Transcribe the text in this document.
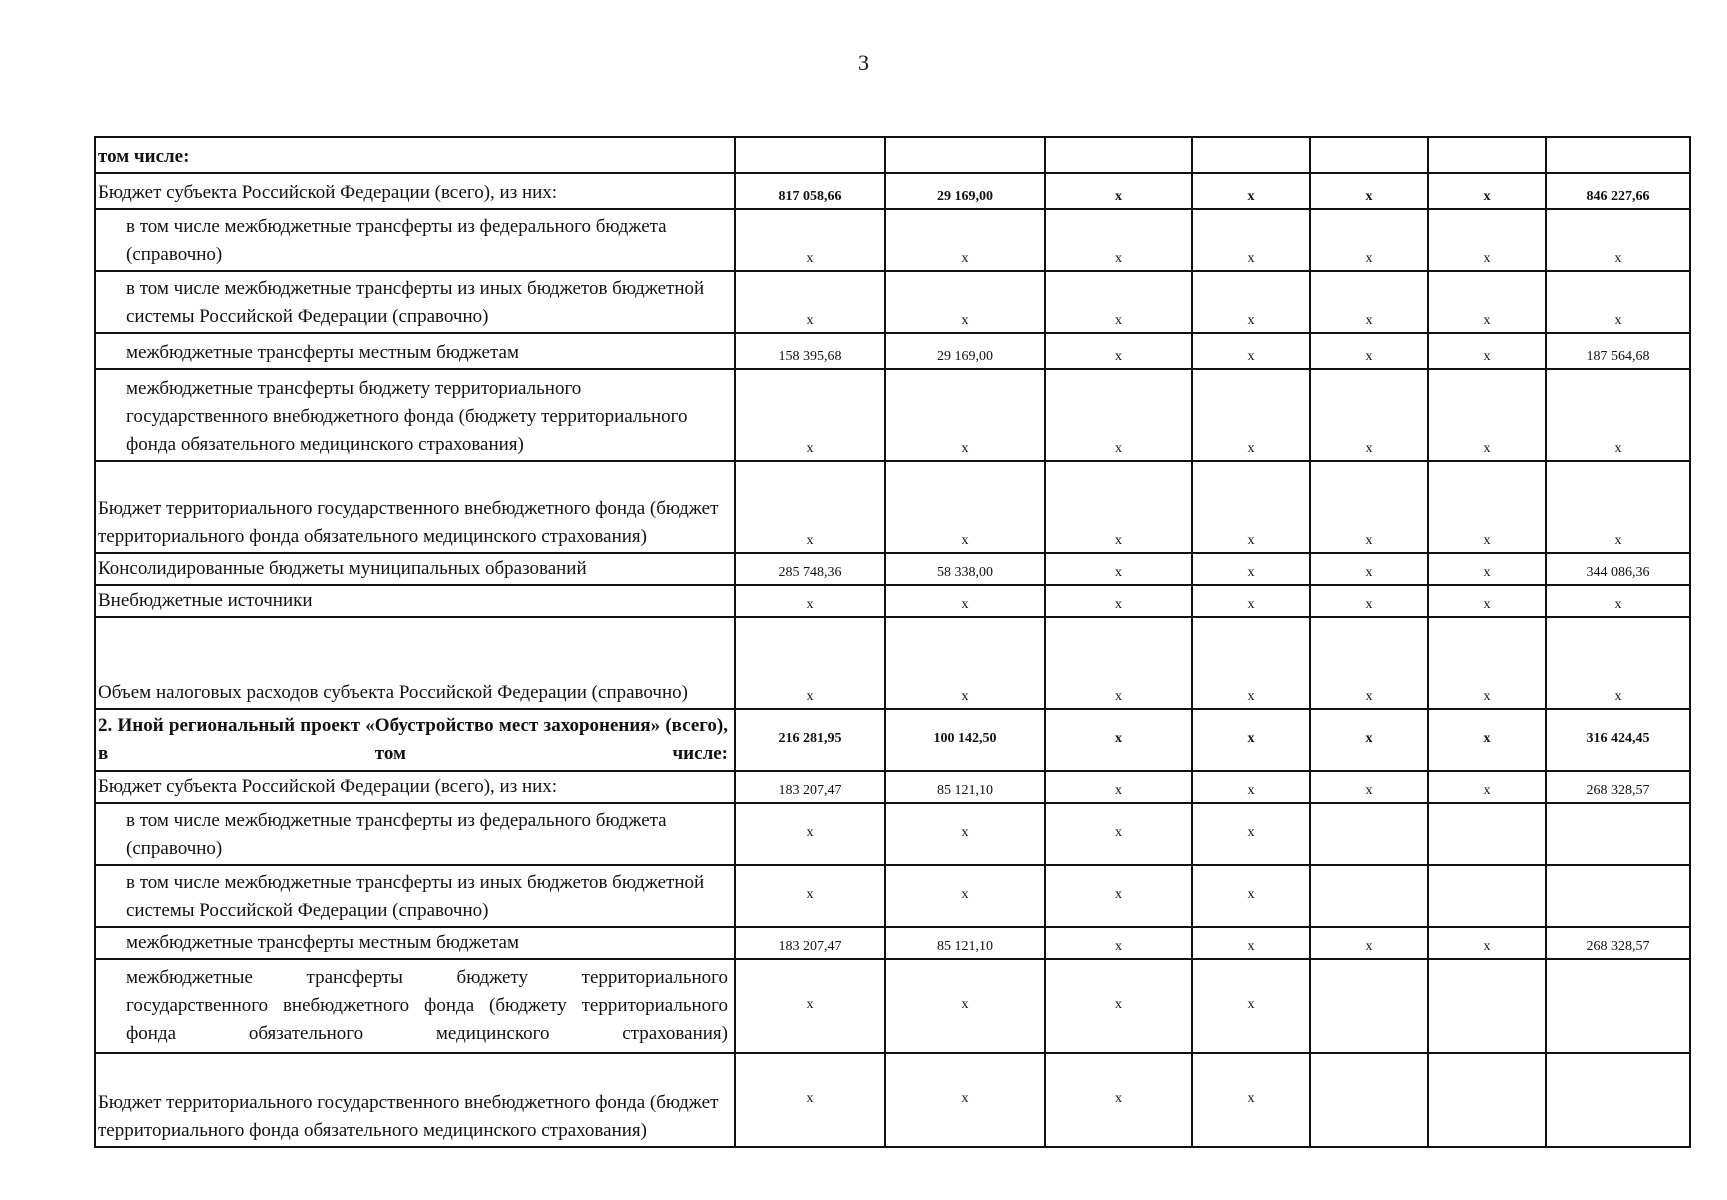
3
том числе:							
Бюджет субъекта Российской Федерации (всего), из них:	817 058,66	29 169,00	x	x	x	x	846 227,66
в том числе межбюджетные трансферты из федерального бюджета (справочно)	x	x	x	x	x	x	x
в том числе межбюджетные трансферты из иных бюджетов бюджетной системы Российской Федерации (справочно)	x	x	x	x	x	x	x
межбюджетные трансферты местным бюджетам	158 395,68	29 169,00	x	x	x	x	187 564,68
межбюджетные трансферты бюджету территориального государственного внебюджетного фонда (бюджету территориального фонда обязательного медицинского страхования)	x	x	x	x	x	x	x
Бюджет территориального государственного внебюджетного фонда (бюджет территориального фонда обязательного медицинского страхования)	x	x	x	x	x	x	x
Консолидированные бюджеты муниципальных образований	285 748,36	58 338,00	x	x	x	x	344 086,36
Внебюджетные источники	x	x	x	x	x	x	x
Объем налоговых расходов субъекта Российской Федерации (справочно)	x	x	x	x	x	x	x
2. Иной региональный проект «Обустройство мест захоронения» (всего), в том числе:	216 281,95	100 142,50	x	x	x	x	316 424,45
Бюджет субъекта Российской Федерации (всего), из них:	183 207,47	85 121,10	x	x	x	x	268 328,57
в том числе межбюджетные трансферты из федерального бюджета (справочно)	x	x	x	x			
в том числе межбюджетные трансферты из иных бюджетов бюджетной системы Российской Федерации (справочно)	x	x	x	x			
межбюджетные трансферты местным бюджетам	183 207,47	85 121,10	x	x	x	x	268 328,57
межбюджетные трансферты бюджету территориального государственного внебюджетного фонда (бюджету территориального фонда обязательного медицинского страхования)	x	x	x	x			
Бюджет территориального государственного внебюджетного фонда (бюджет территориального фонда обязательного медицинского страхования)	x	x	x	x			
